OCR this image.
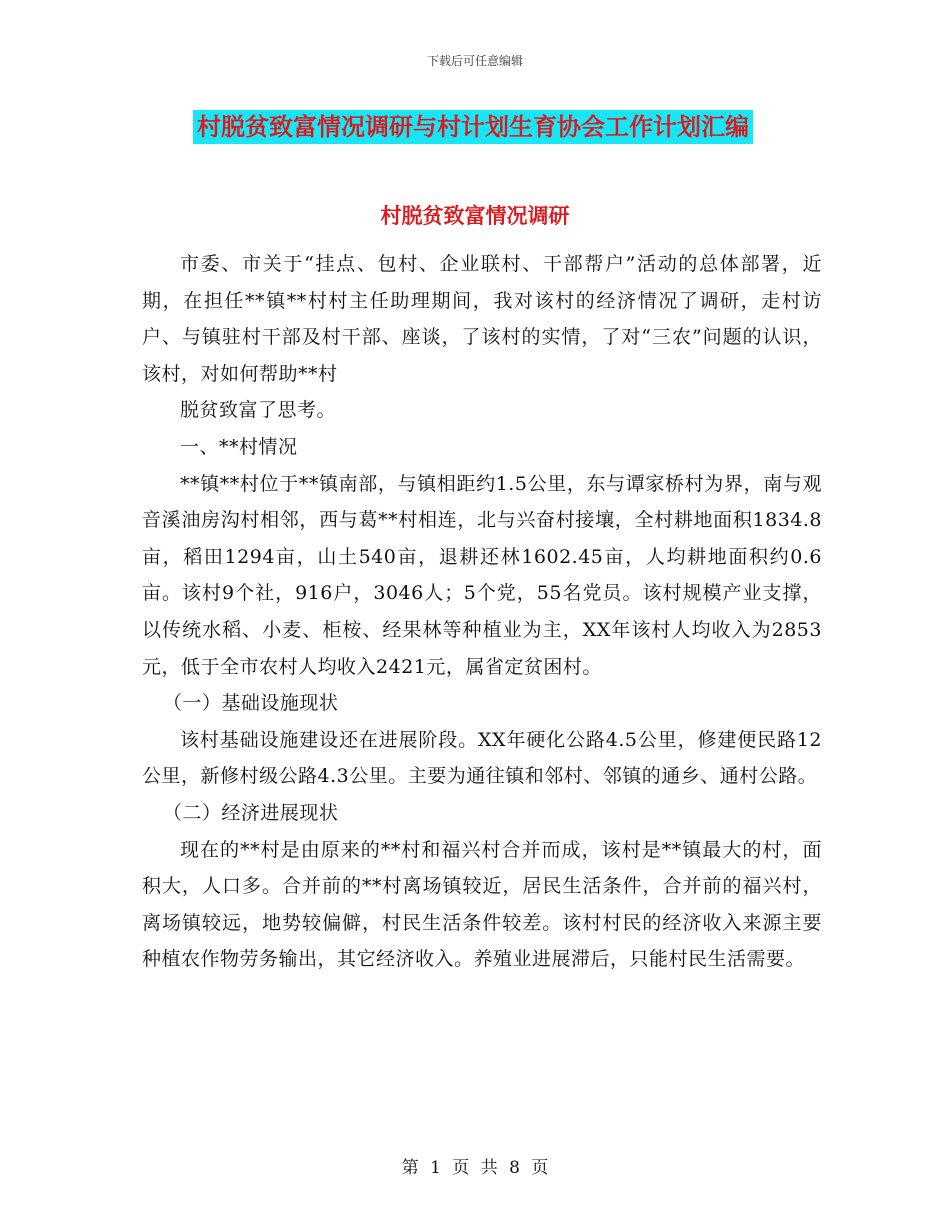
下载后可任意编辑
村脱贫致富情况调研与村计划生育协会工作计划汇编
村脱贫致富情况调研

市委、市关于“挂点、包村、企业联村、干部帮户”活动的总体部署，近期，在担任**镇**村村主任助理期间，我对该村的经济情况了调研，走村访户、与镇驻村干部及村干部、座谈，了该村的实情，了对“三农”问题的认识，该村，对如何帮助**村

脱贫致富了思考。

一、**村情况

**镇**村位于**镇南部，与镇相距约1.5公里，东与谭家桥村为界，南与观音溪油房沟村相邻，西与葛**村相连，北与兴奋村接壤，全村耕地面积1834.8亩，稻田1294亩，山土540亩，退耕还林1602.45亩，人均耕地面积约0.6亩。该村9个社，916户，3046人；5个党，55名党员。该村规模产业支撑，以传统水稻、小麦、柜桉、经果林等种植业为主，XX年该村人均收入为2853元，低于全市农村人均收入2421元，属省定贫困村。

（一）基础设施现状

该村基础设施建设还在进展阶段。XX年硬化公路4.5公里，修建便民路12公里，新修村级公路4.3公里。主要为通往镇和邻村、邻镇的通乡、通村公路。

（二）经济进展现状

现在的**村是由原来的**村和福兴村合并而成，该村是**镇最大的村，面积大，人口多。合并前的**村离场镇较近，居民生活条件，合并前的福兴村，离场镇较远，地势较偏僻，村民生活条件较差。该村村民的经济收入来源主要种植农作物劳务输出，其它经济收入。养殖业进展滞后，只能村民生活需要。

第 1 页 共 8 页
